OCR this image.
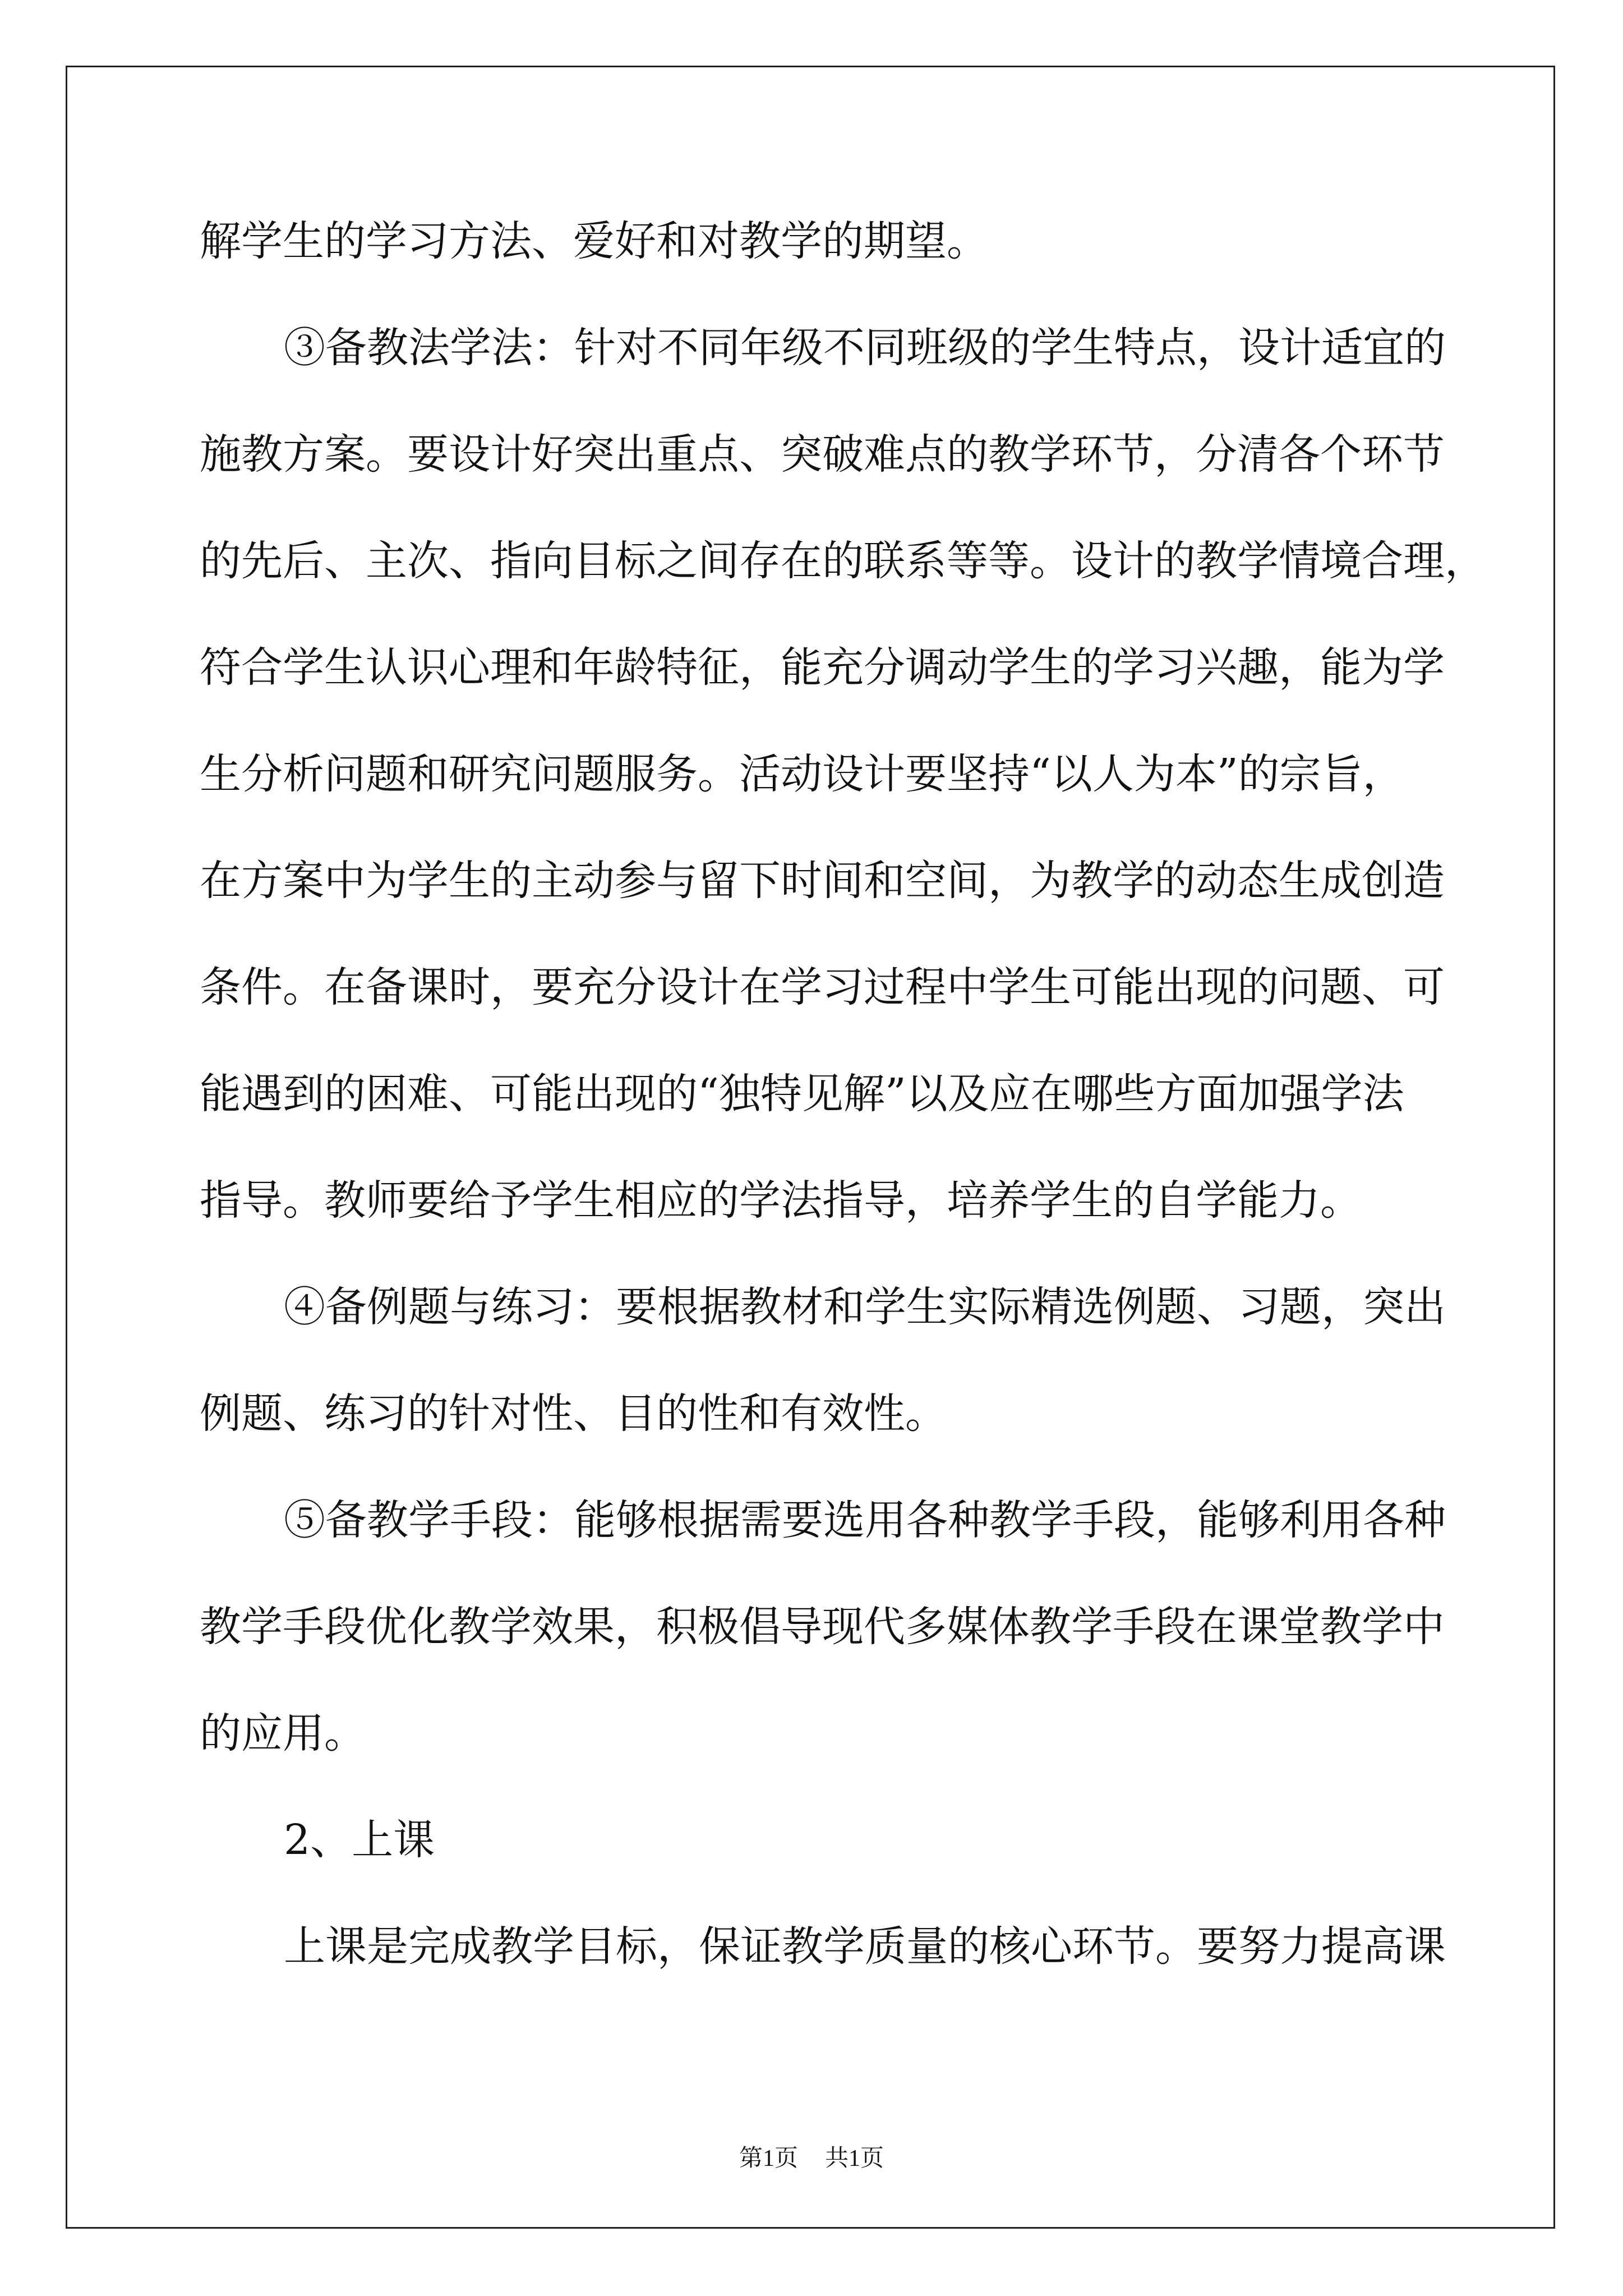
解学生的学习方法、爱好和对教学的期望。
③备教法学法：针对不同年级不同班级的学生特点，设计适宜的
施教方案。要设计好突出重点、突破难点的教学环节，分清各个环节
的先后、主次、指向目标之间存在的联系等等。设计的教学情境合理，
符合学生认识心理和年龄特征，能充分调动学生的学习兴趣，能为学
生分析问题和研究问题服务。活动设计要坚持“以人为本”的宗旨，
在方案中为学生的主动参与留下时间和空间，为教学的动态生成创造
条件。在备课时，要充分设计在学习过程中学生可能出现的问题、可
能遇到的困难、可能出现的“独特见解”以及应在哪些方面加强学法
指导。教师要给予学生相应的学法指导，培养学生的自学能力。
④备例题与练习：要根据教材和学生实际精选例题、习题，突出
例题、练习的针对性、目的性和有效性。
⑤备教学手段：能够根据需要选用各种教学手段，能够利用各种
教学手段优化教学效果，积极倡导现代多媒体教学手段在课堂教学中
的应用。
2、上课
上课是完成教学目标，保证教学质量的核心环节。要努力提高课
第1页 共1页
